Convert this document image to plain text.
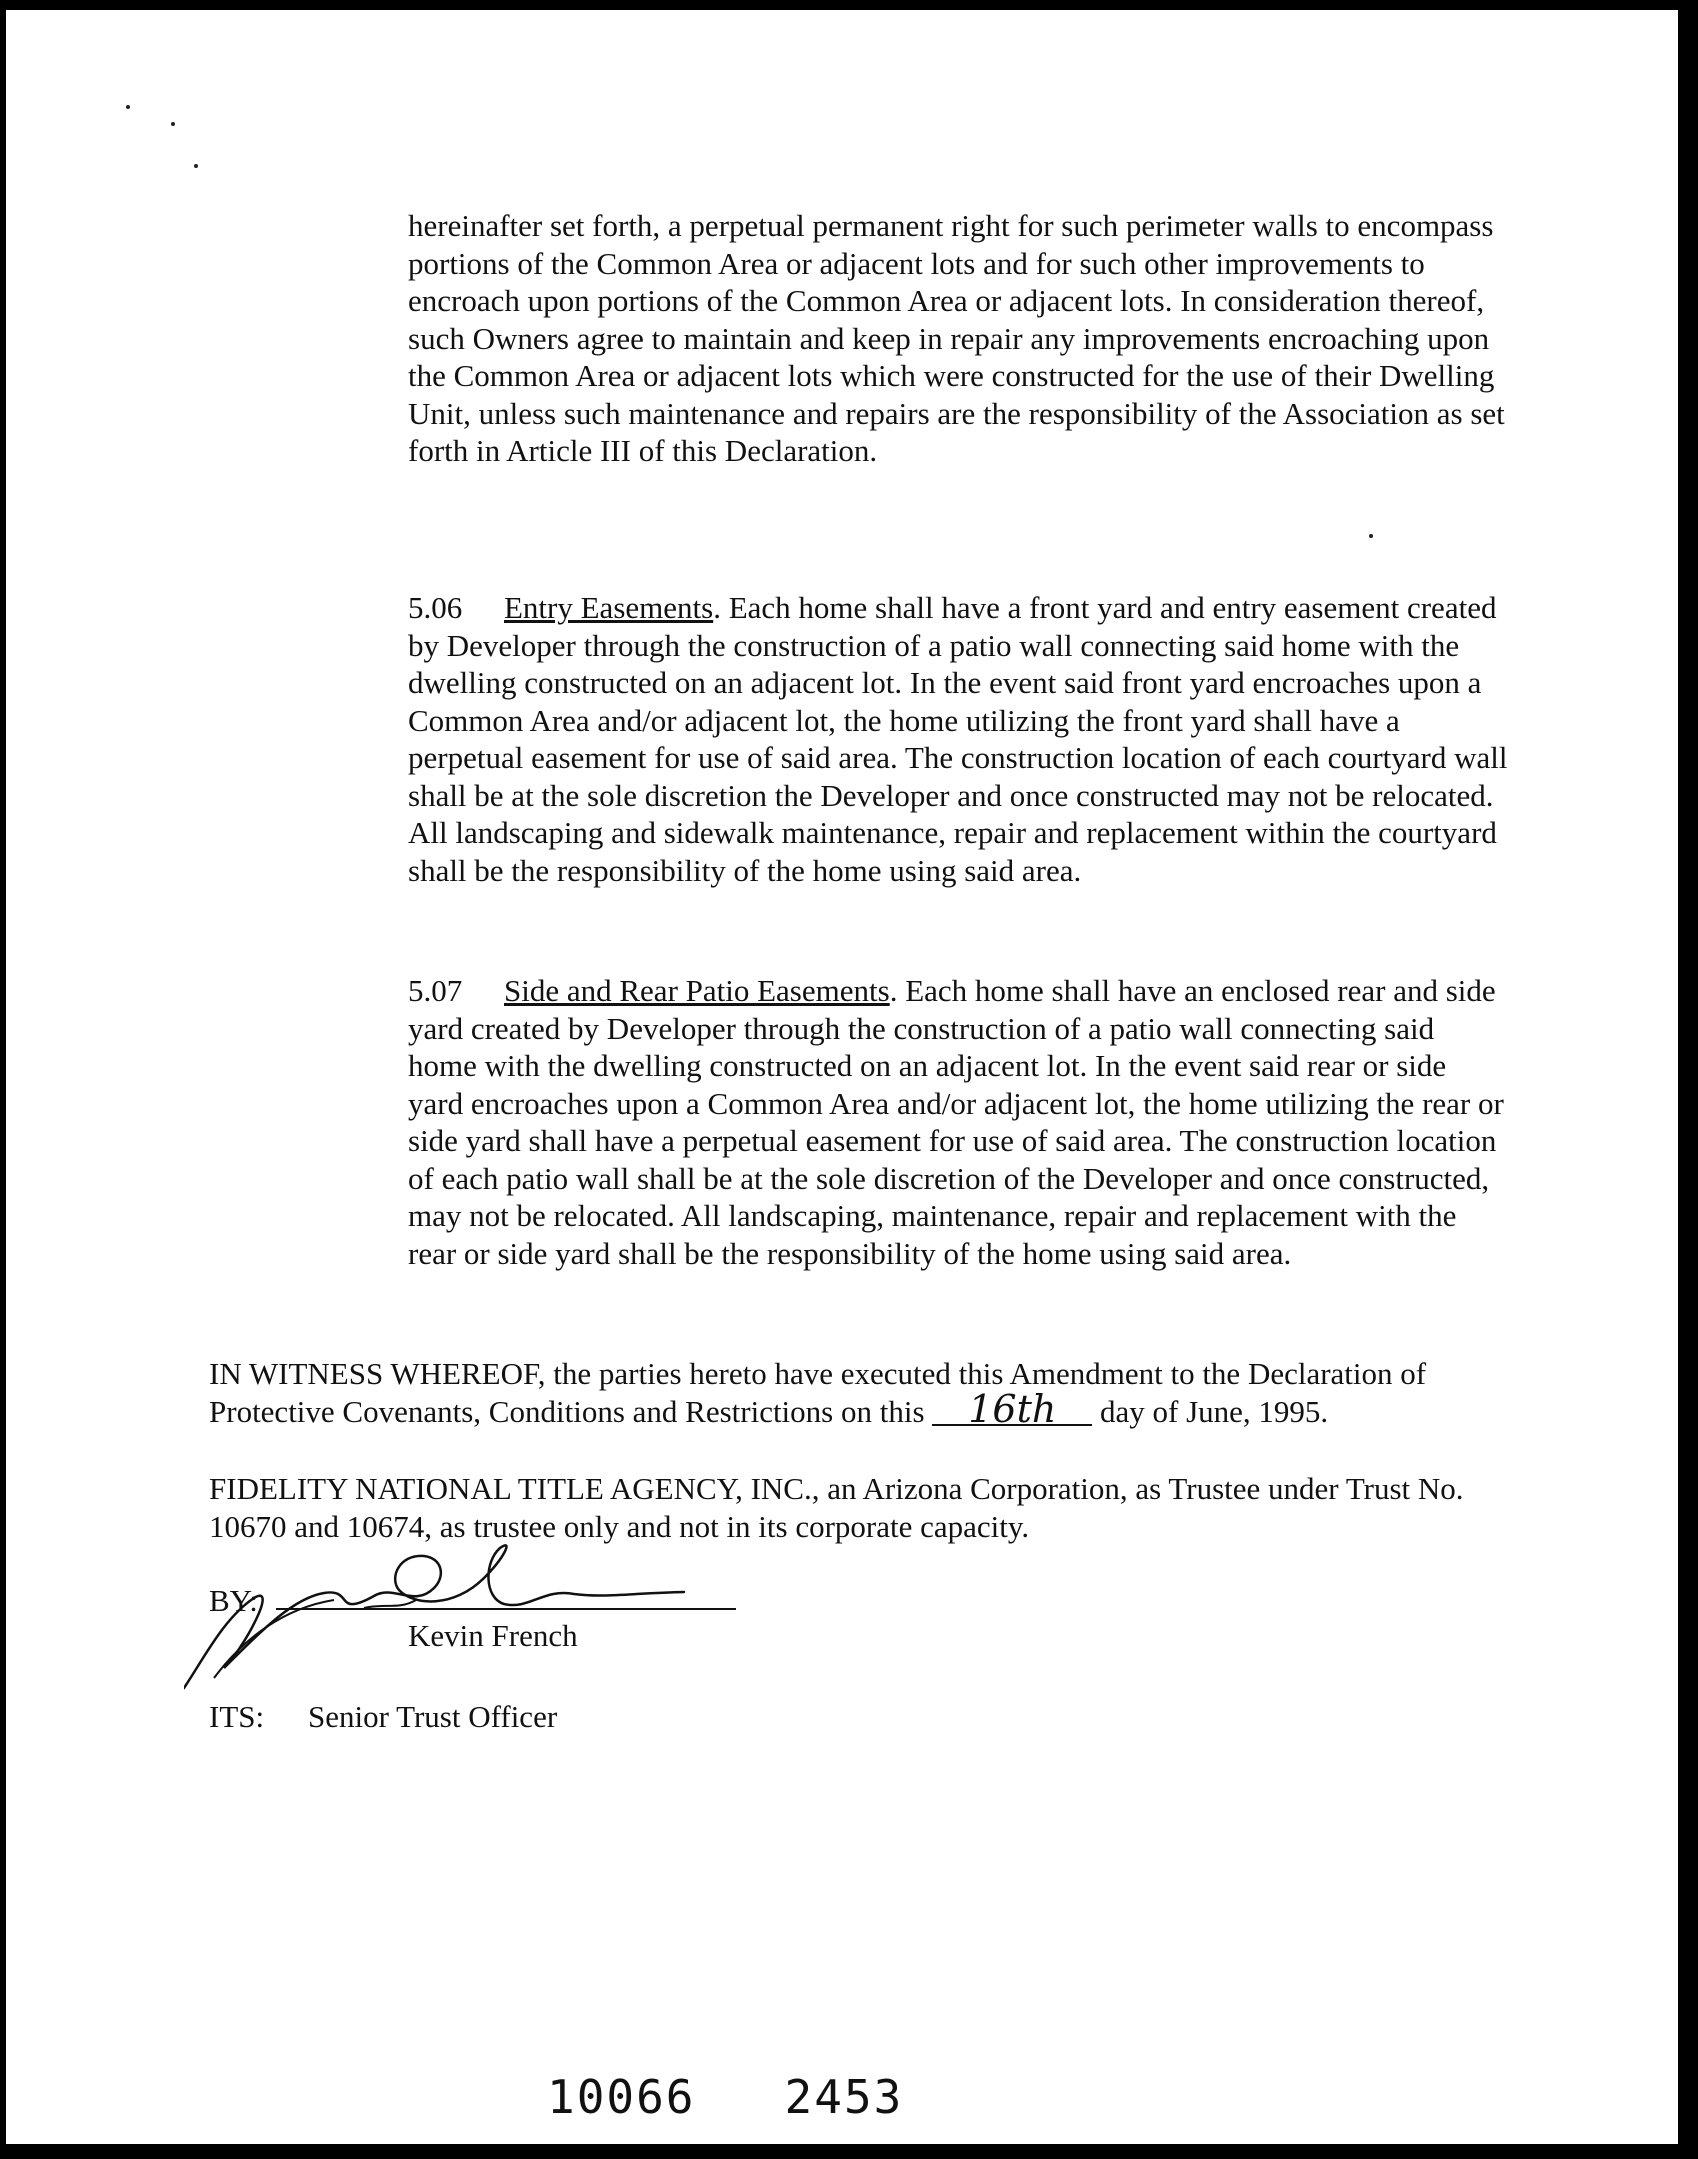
hereinafter set forth, a perpetual permanent right for such perimeter walls to encompass portions of the Common Area or adjacent lots and for such other improvements to encroach upon portions of the Common Area or adjacent lots. In consideration thereof, such Owners agree to maintain and keep in repair any improvements encroaching upon the Common Area or adjacent lots which were constructed for the use of their Dwelling Unit, unless such maintenance and repairs are the responsibility of the Association as set forth in Article III of this Declaration.

5.06 Entry Easements. Each home shall have a front yard and entry easement created by Developer through the construction of a patio wall connecting said home with the dwelling constructed on an adjacent lot. In the event said front yard encroaches upon a Common Area and/or adjacent lot, the home utilizing the front yard shall have a perpetual easement for use of said area. The construction location of each courtyard wall shall be at the sole discretion the Developer and once constructed may not be relocated. All landscaping and sidewalk maintenance, repair and replacement within the courtyard shall be the responsibility of the home using said area.

5.07 Side and Rear Patio Easements. Each home shall have an enclosed rear and side yard created by Developer through the construction of a patio wall connecting said home with the dwelling constructed on an adjacent lot. In the event said rear or side yard encroaches upon a Common Area and/or adjacent lot, the home utilizing the rear or side yard shall have a perpetual easement for use of said area. The construction location of each patio wall shall be at the sole discretion of the Developer and once constructed, may not be relocated. All landscaping, maintenance, repair and replacement with the rear or side yard shall be the responsibility of the home using said area.

IN WITNESS WHEREOF, the parties hereto have executed this Amendment to the Declaration of Protective Covenants, Conditions and Restrictions on this 16th day of June, 1995.

FIDELITY NATIONAL TITLE AGENCY, INC., an Arizona Corporation, as Trustee under Trust No. 10670 and 10674, as trustee only and not in its corporate capacity.

BY:
Kevin French
ITS: Senior Trust Officer
10066   2453
